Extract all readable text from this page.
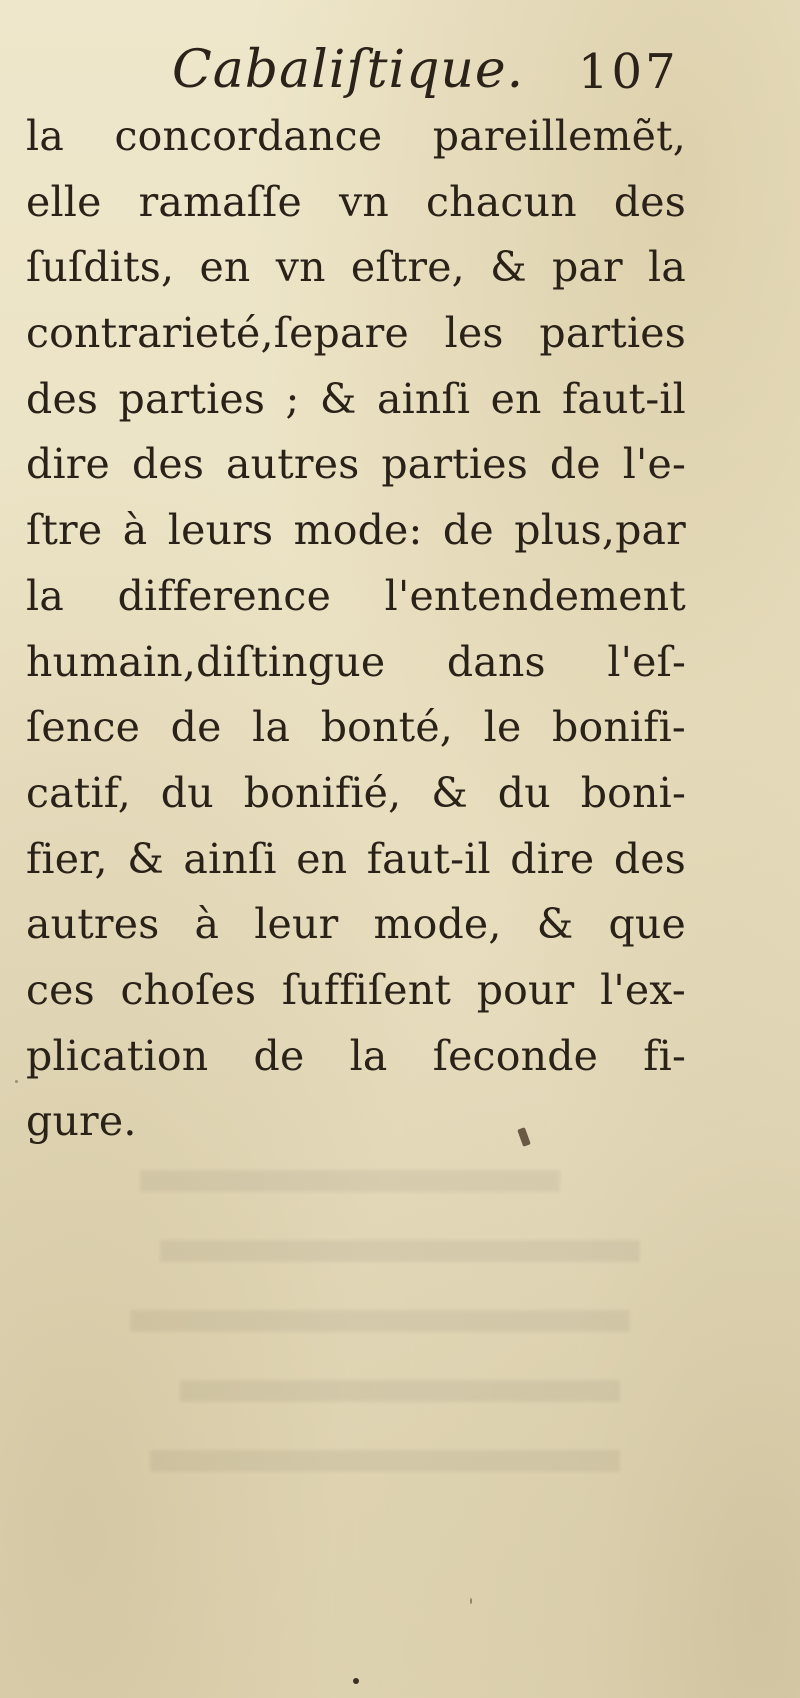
Cabaliſtique. 107
la concordance pareillemẽt,
elle ramaſſe vn chacun des
ſuſdits, en vn eſtre, & par la
contrarieté,ſepare les parties
des parties ; & ainſi en faut-il
dire des autres parties de l'e-
ſtre à leurs mode: de plus,par
la difference l'entendement
humain,diſtingue dans l'eſ-
ſence de la bonté, le bonifi-
catif, du bonifié, & du boni-
fier, & ainſi en faut-il dire des
autres à leur mode, & que
ces choſes ſuffiſent pour l'ex-
plication de la ſeconde fi-
gure.
